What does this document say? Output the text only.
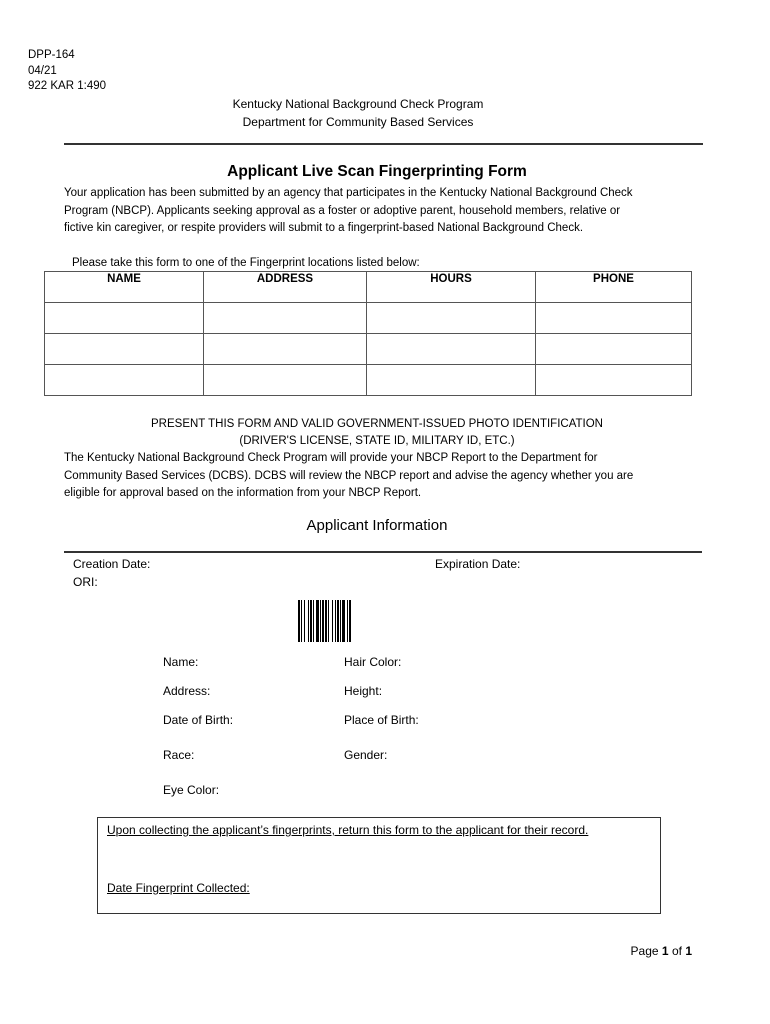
DPP-164
04/21
922 KAR 1:490
Kentucky National Background Check Program
Department for Community Based Services
Applicant Live Scan Fingerprinting Form
Your application has been submitted by an agency that participates in the Kentucky National Background Check
Program (NBCP). Applicants seeking approval as a foster or adoptive parent, household members, relative or
fictive kin caregiver, or respite providers will submit to a fingerprint-based National Background Check.
Please take this form to one of the Fingerprint locations listed below:
NAME	ADDRESS	HOURS	PHONE

PRESENT THIS FORM AND VALID GOVERNMENT-ISSUED PHOTO IDENTIFICATION
(DRIVER'S LICENSE, STATE ID, MILITARY ID, ETC.)
The Kentucky National Background Check Program will provide your NBCP Report to the Department for
Community Based Services (DCBS). DCBS will review the NBCP report and advise the agency whether you are
eligible for approval based on the information from your NBCP Report.
Applicant Information
Creation Date:
ORI:
Expiration Date:
Name:	Hair Color:
Address:	Height:
Date of Birth:	Place of Birth:
Race:	Gender:
Eye Color:
Upon collecting the applicant’s fingerprints, return this form to the applicant for their record.
Date Fingerprint Collected:
Page 1 of 1
